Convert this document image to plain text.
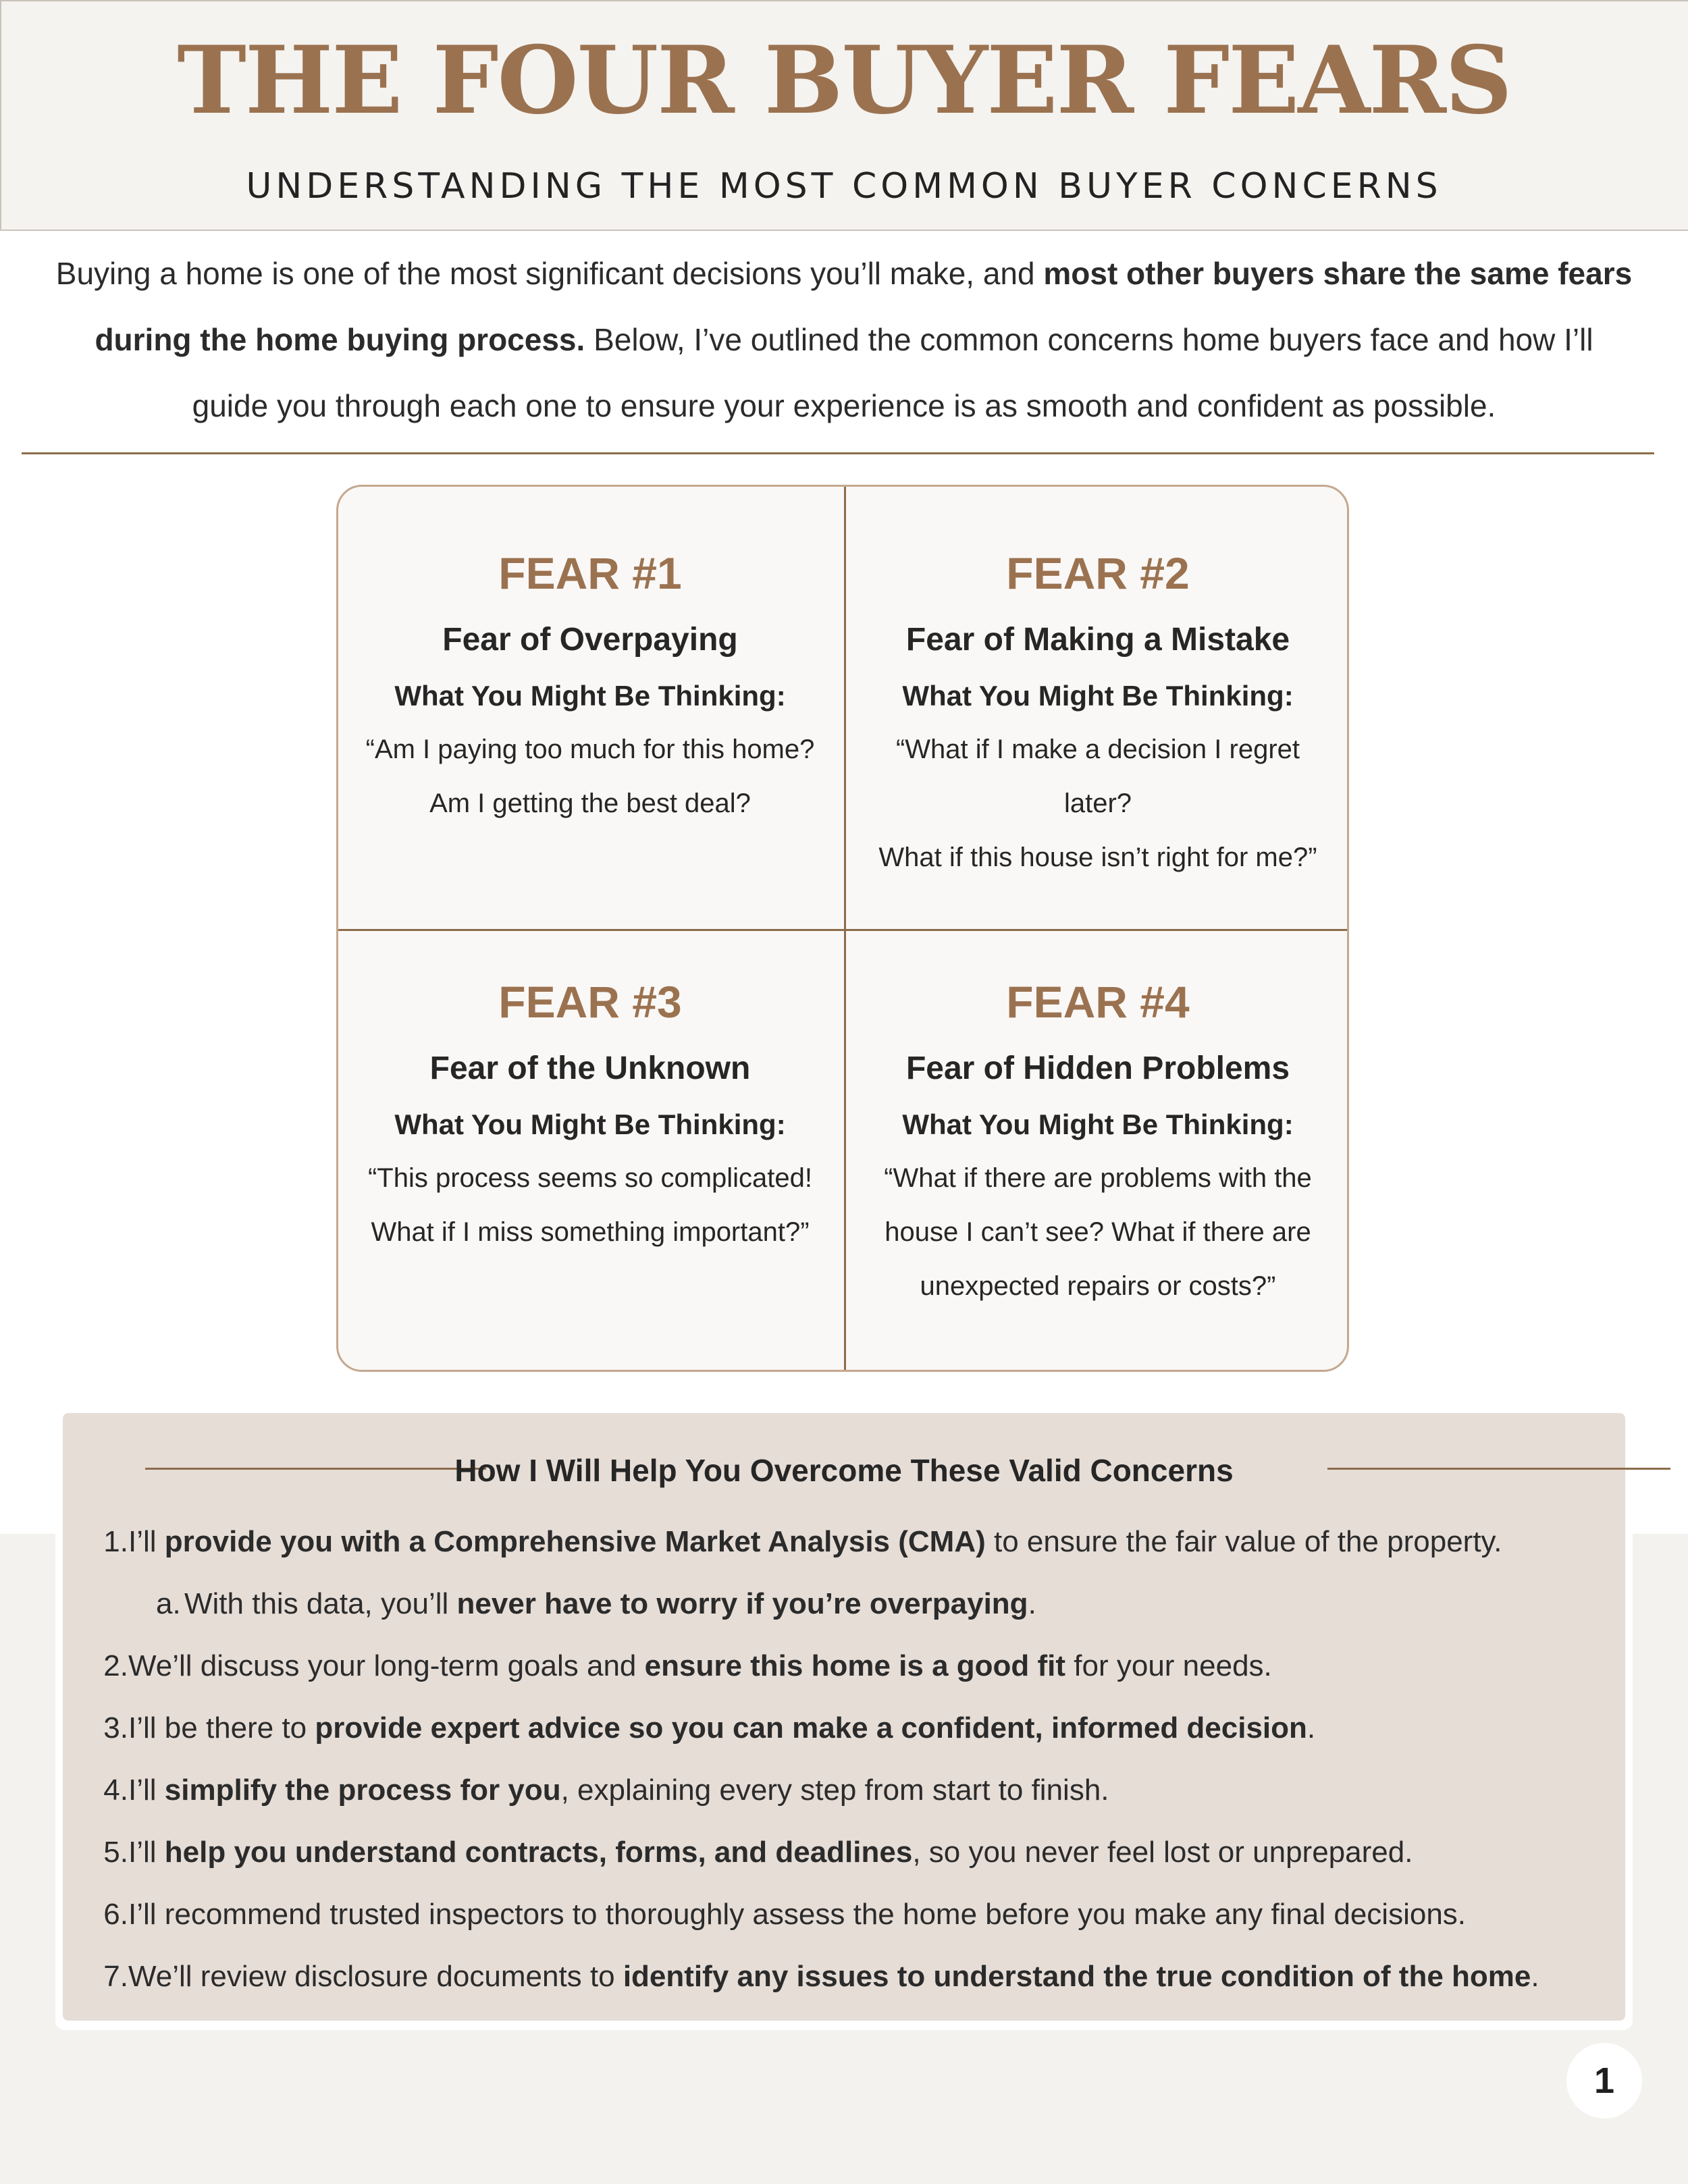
THE FOUR BUYER FEARS
UNDERSTANDING THE MOST COMMON BUYER CONCERNS
Buying a home is one of the most significant decisions you’ll make, and most other buyers share the same fears during the home buying process. Below, I’ve outlined the common concerns home buyers face and how I’ll guide you through each one to ensure your experience is as smooth and confident as possible.
FEAR #1
Fear of Overpaying
What You Might Be Thinking:
“Am I paying too much for this home?
Am I getting the best deal?
FEAR #2
Fear of Making a Mistake
What You Might Be Thinking:
“What if I make a decision I regret later?
What if this house isn’t right for me?”
FEAR #3
Fear of the Unknown
What You Might Be Thinking:
“This process seems so complicated!
What if I miss something important?”
FEAR #4
Fear of Hidden Problems
What You Might Be Thinking:
“What if there are problems with the
house I can’t see? What if there are
unexpected repairs or costs?”
How I Will Help You Overcome These Valid Concerns
1.I’ll provide you with a Comprehensive Market Analysis (CMA) to ensure the fair value of the property.
a. With this data, you’ll never have to worry if you’re overpaying.
2.We’ll discuss your long-term goals and ensure this home is a good fit for your needs.
3.I’ll be there to provide expert advice so you can make a confident, informed decision.
4.I’ll simplify the process for you, explaining every step from start to finish.
5.I’ll help you understand contracts, forms, and deadlines, so you never feel lost or unprepared.
6.I’ll recommend trusted inspectors to thoroughly assess the home before you make any final decisions.
7.We’ll review disclosure documents to identify any issues to understand the true condition of the home.
1
